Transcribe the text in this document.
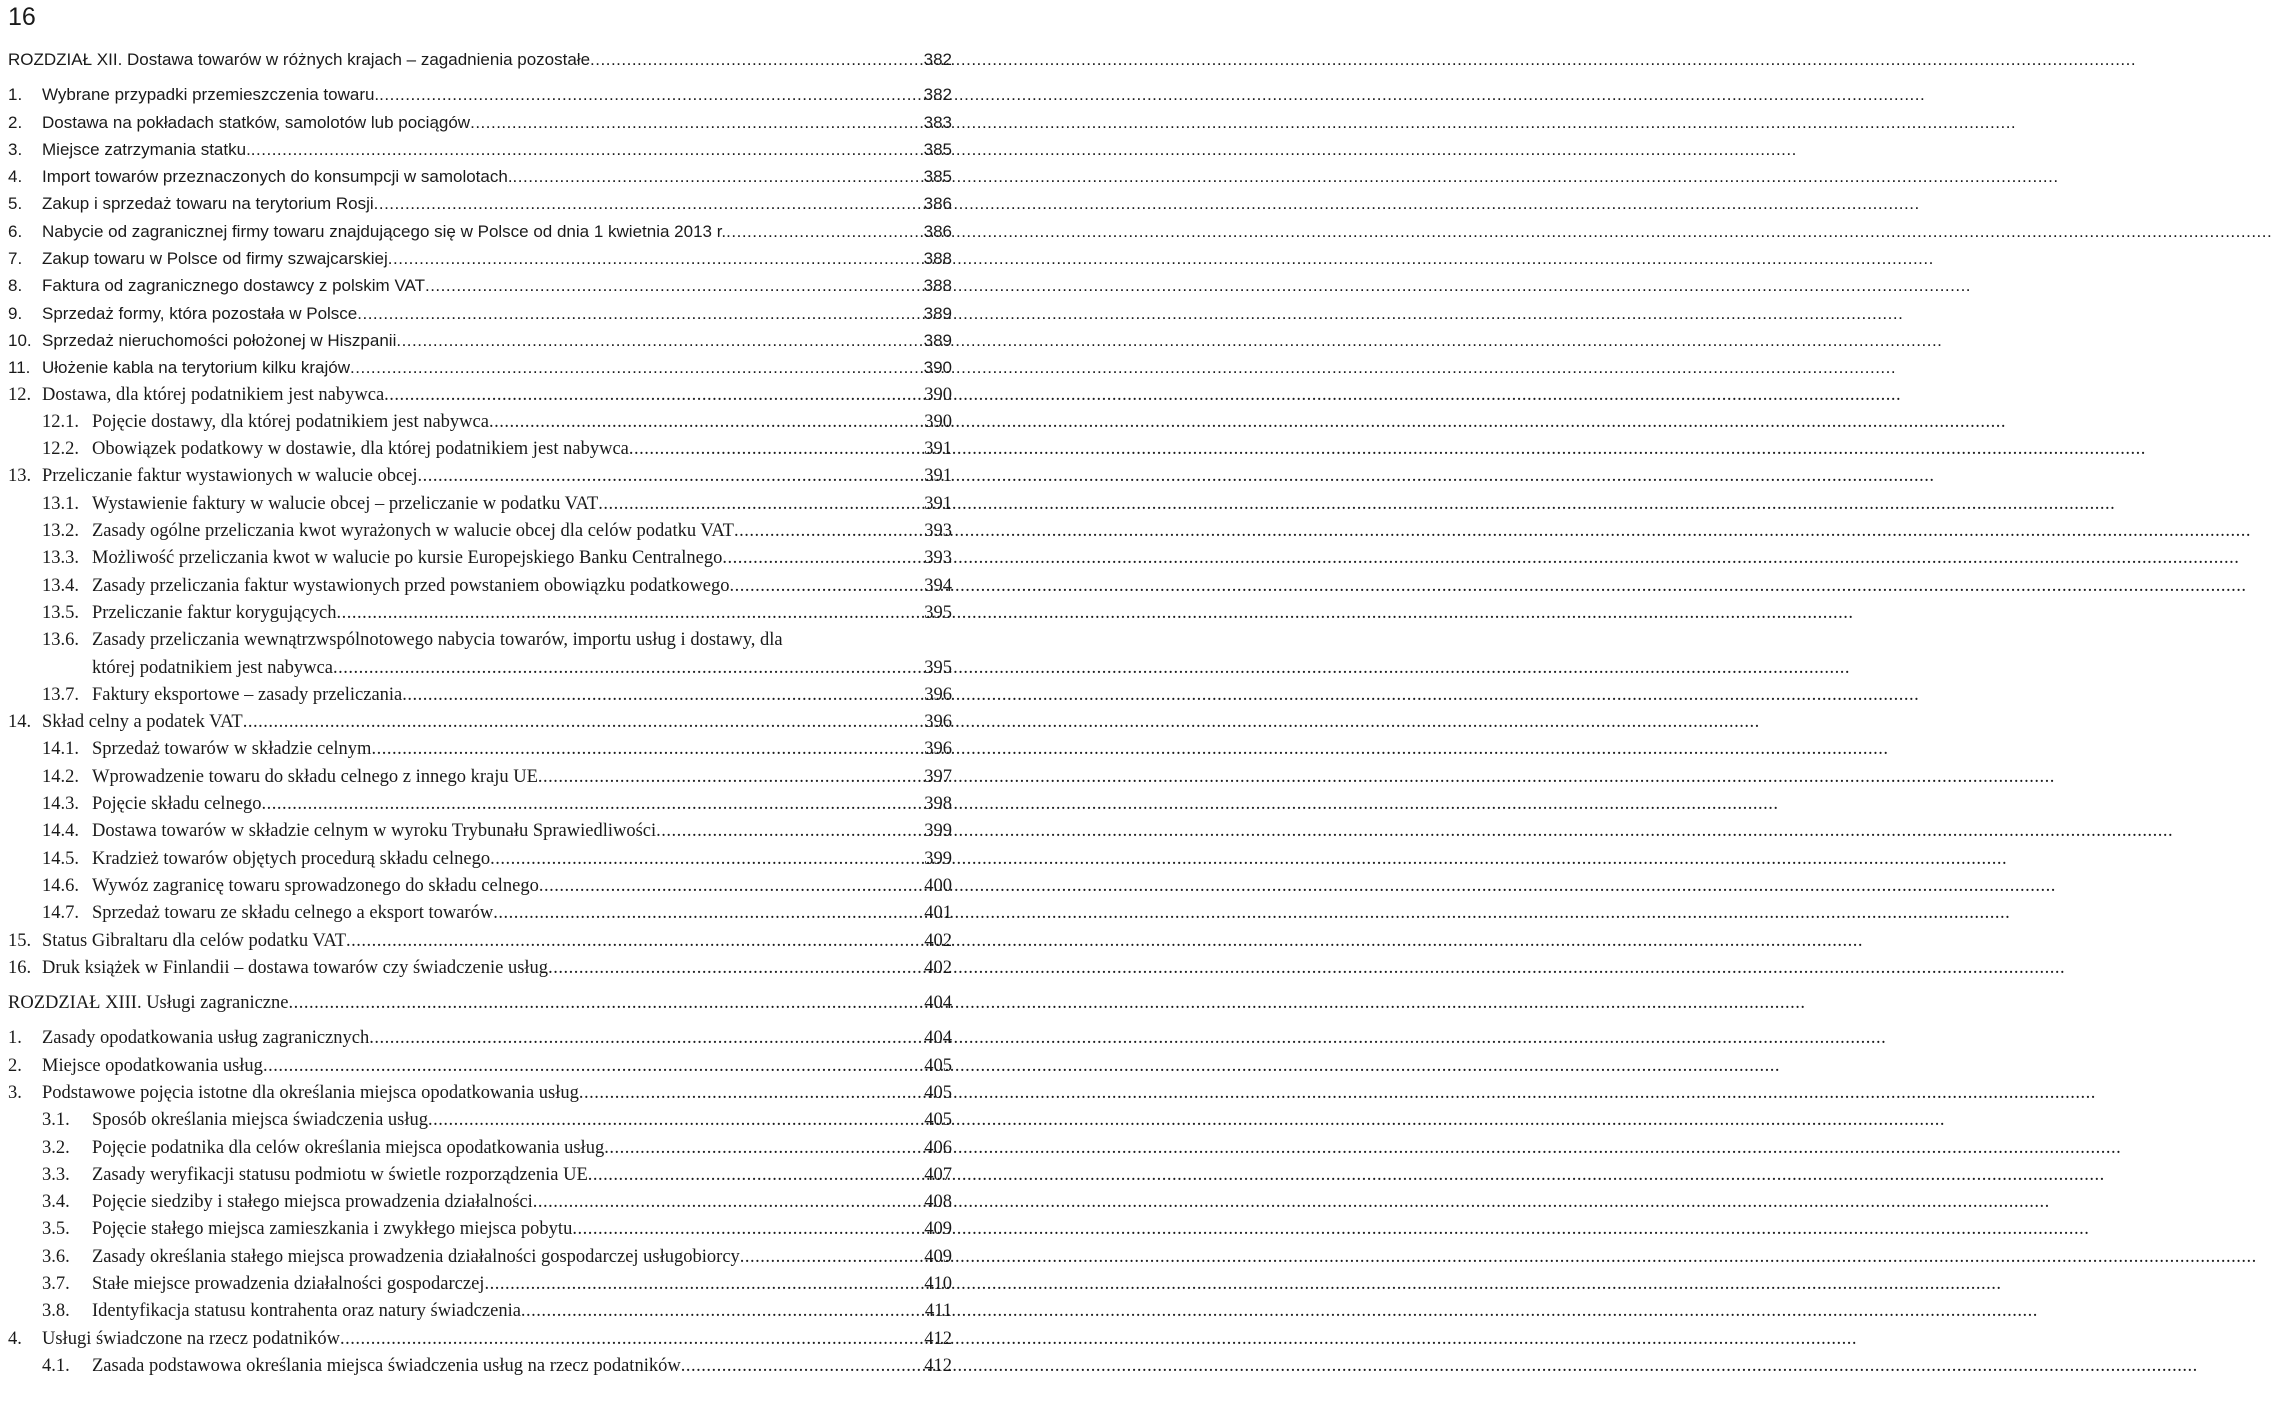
16
ROZDZIAŁ XII. Dostawa towarów w różnych krajach – zagadnienia pozostałe .....	382
1.	Wybrane przypadki przemieszczenia towaru. .....	382
2.	Dostawa na pokładach statków, samolotów lub pociągów .....	383
3.	Miejsce zatrzymania statku. .....	385
4.	Import towarów przeznaczonych do konsumpcji w samolotach. .....	385
5.	Zakup i sprzedaż towaru na terytorium Rosji .....	386
6.	Nabycie od zagranicznej firmy towaru znajdującego się w Polsce od dnia 1 kwietnia 2013 r. .....	386
7.	Zakup towaru w Polsce od firmy szwajcarskiej .....	388
8.	Faktura od zagranicznego dostawcy z polskim VAT .....	388
9.	Sprzedaż formy, która pozostała w Polsce .....	389
10. Sprzedaż nieruchomości położonej w Hiszpanii .....	389
11. Ułożenie kabla na terytorium kilku krajów .....	390
12. Dostawa, dla której podatnikiem jest nabywca .....	390
12.1. Pojęcie dostawy, dla której podatnikiem jest nabywca .....	390
12.2. Obowiązek podatkowy w dostawie, dla której podatnikiem jest nabywca .....	391
13. Przeliczanie faktur wystawionych w walucie obcej .....	391
13.1. Wystawienie faktury w walucie obcej – przeliczanie w podatku VAT .....	391
13.2. Zasady ogólne przeliczania kwot wyrażonych w walucie obcej dla celów podatku VAT .....	393
13.3. Możliwość przeliczania kwot w walucie po kursie Europejskiego Banku Centralnego .....	393
13.4. Zasady przeliczania faktur wystawionych przed powstaniem obowiązku podatkowego .....	394
13.5. Przeliczanie faktur korygujących .....	395
13.6. Zasady przeliczania wewnątrzwspólnotowego nabycia towarów, importu usług i dostawy, dla
której podatnikiem jest nabywca .....	395
13.7. Faktury eksportowe – zasady przeliczania .....	396
14. Skład celny a podatek VAT .....	396
14.1. Sprzedaż towarów w składzie celnym .....	396
14.2. Wprowadzenie towaru do składu celnego z innego kraju UE .....	397
14.3. Pojęcie składu celnego .....	398
14.4. Dostawa towarów w składzie celnym w wyroku Trybunału Sprawiedliwości .....	399
14.5. Kradzież towarów objętych procedurą składu celnego .....	399
14.6. Wywóz zagranicę towaru sprowadzonego do składu celnego .....	400
14.7. Sprzedaż towaru ze składu celnego a eksport towarów .....	401
15. Status Gibraltaru dla celów podatku VAT .....	402
16. Druk książek w Finlandii – dostawa towarów czy świadczenie usług .....	402
ROZDZIAŁ XIII. Usługi zagraniczne .....	404
1.	Zasady opodatkowania usług zagranicznych .....	404
2.	Miejsce opodatkowania usług .....	405
3.	Podstawowe pojęcia istotne dla określania miejsca opodatkowania usług .....	405
3.1.	Sposób określania miejsca świadczenia usług .....	405
3.2.	Pojęcie podatnika dla celów określania miejsca opodatkowania usług .....	406
3.3.	Zasady weryfikacji statusu podmiotu w świetle rozporządzenia UE .....	407
3.4.	Pojęcie siedziby i stałego miejsca prowadzenia działalności .....	408
3.5.	Pojęcie stałego miejsca zamieszkania i zwykłego miejsca pobytu .....	409
3.6.	Zasady określania stałego miejsca prowadzenia działalności gospodarczej usługobiorcy .....	409
3.7.	Stałe miejsce prowadzenia działalności gospodarczej .....	410
3.8.	Identyfikacja statusu kontrahenta oraz natury świadczenia .....	411
4.	Usługi świadczone na rzecz podatników .....	412
4.1.	Zasada podstawowa określania miejsca świadczenia usług na rzecz podatników .....	412
